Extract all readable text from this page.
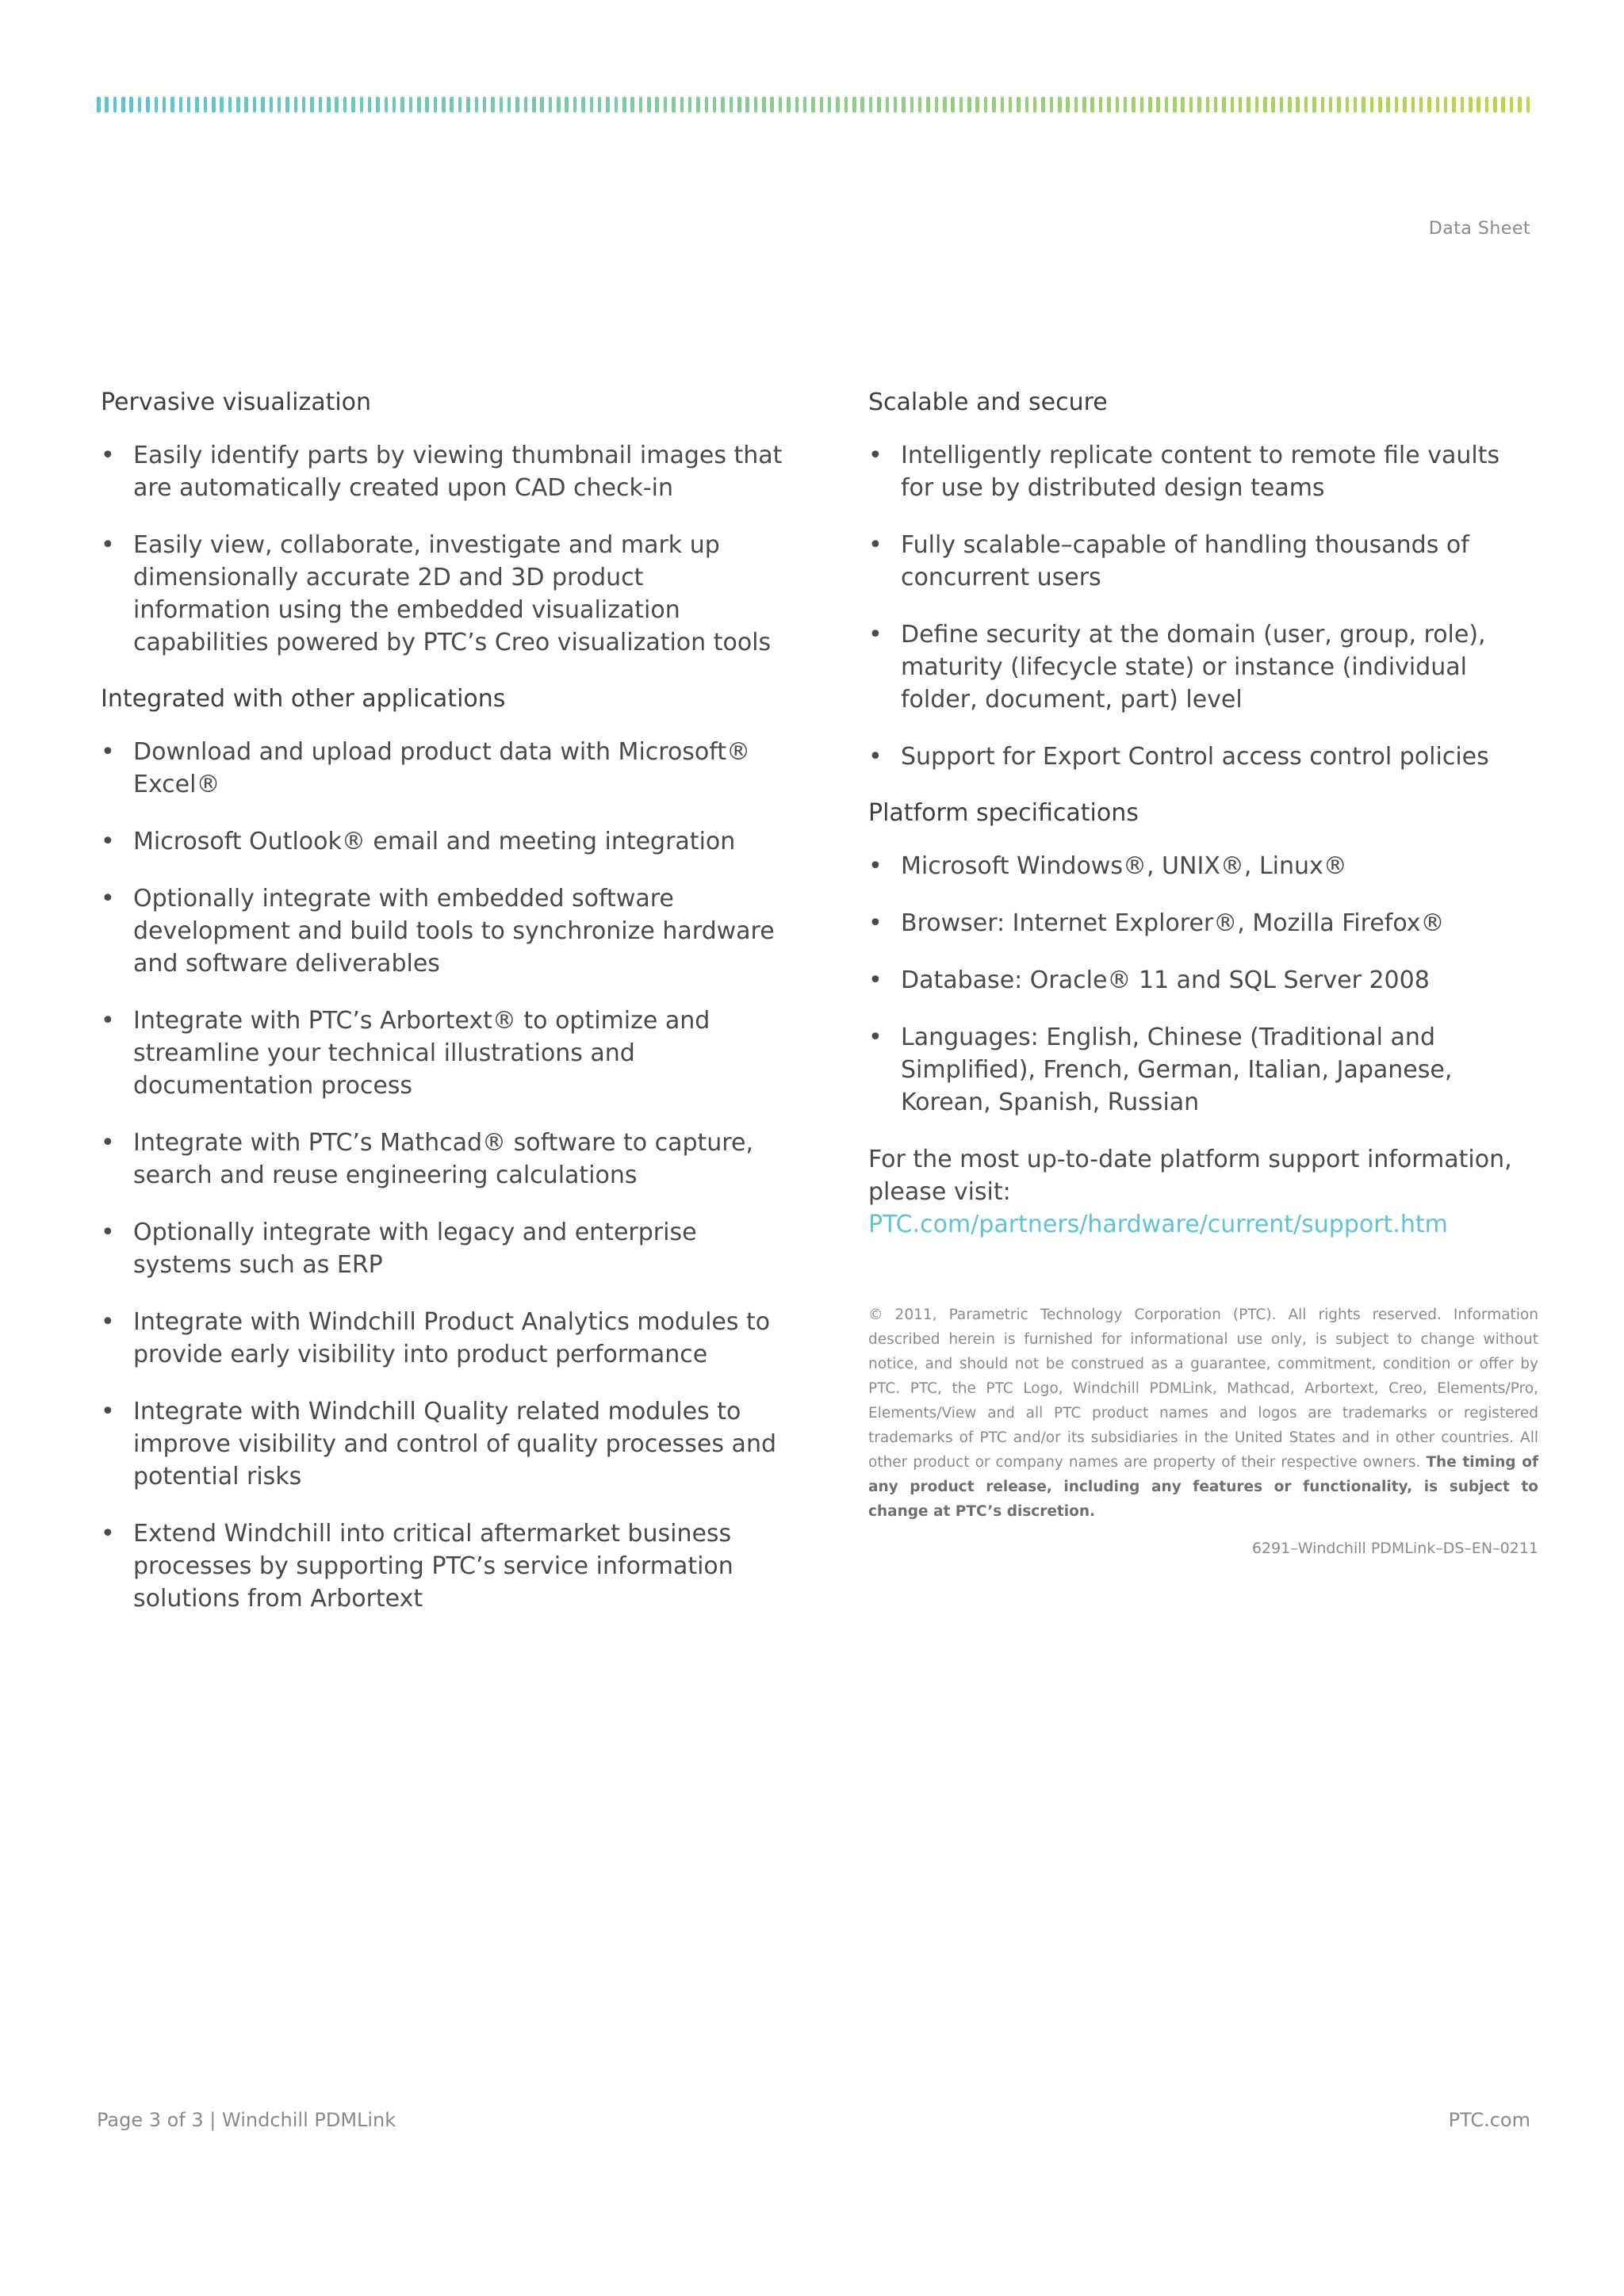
Data Sheet
Pervasive visualization
• Easily identify parts by viewing thumbnail images that are automatically created upon CAD check-in
• Easily view, collaborate, investigate and mark up dimensionally accurate 2D and 3D product information using the embedded visualization capabilities powered by PTC’s Creo visualization tools
Integrated with other applications
• Download and upload product data with Microsoft® Excel®
• Microsoft Outlook® email and meeting integration
• Optionally integrate with embedded software development and build tools to synchronize hardware and software deliverables
• Integrate with PTC’s Arbortext® to optimize and streamline your technical illustrations and documentation process
• Integrate with PTC’s Mathcad® software to capture, search and reuse engineering calculations
• Optionally integrate with legacy and enterprise systems such as ERP
• Integrate with Windchill Product Analytics modules to provide early visibility into product performance
• Integrate with Windchill Quality related modules to improve visibility and control of quality processes and potential risks
• Extend Windchill into critical aftermarket business processes by supporting PTC’s service information solutions from Arbortext
Scalable and secure
• Intelligently replicate content to remote file vaults for use by distributed design teams
• Fully scalable–capable of handling thousands of concurrent users
• Define security at the domain (user, group, role), maturity (lifecycle state) or instance (individual folder, document, part) level
• Support for Export Control access control policies
Platform specifications
• Microsoft Windows®, UNIX®, Linux®
• Browser: Internet Explorer®, Mozilla Firefox®
• Database: Oracle® 11 and SQL Server 2008
• Languages: English, Chinese (Traditional and Simplified), French, German, Italian, Japanese, Korean, Spanish, Russian

For the most up-to-date platform support information, please visit: PTC.com/partners/hardware/current/support.htm

© 2011, Parametric Technology Corporation (PTC). All rights reserved. Information described herein is furnished for informational use only, is subject to change without notice, and should not be construed as a guarantee, commitment, condition or offer by PTC. PTC, the PTC Logo, Windchill PDMLink, Mathcad, Arbortext, Creo, Elements/Pro, Elements/View and all PTC product names and logos are trademarks or registered trademarks of PTC and/or its subsidiaries in the United States and in other countries. All other product or company names are property of their respective owners. The timing of any product release, including any features or functionality, is subject to change at PTC’s discretion.
6291–Windchill PDMLink–DS–EN–0211
Page 3 of 3 | Windchill PDMLink	PTC.com
